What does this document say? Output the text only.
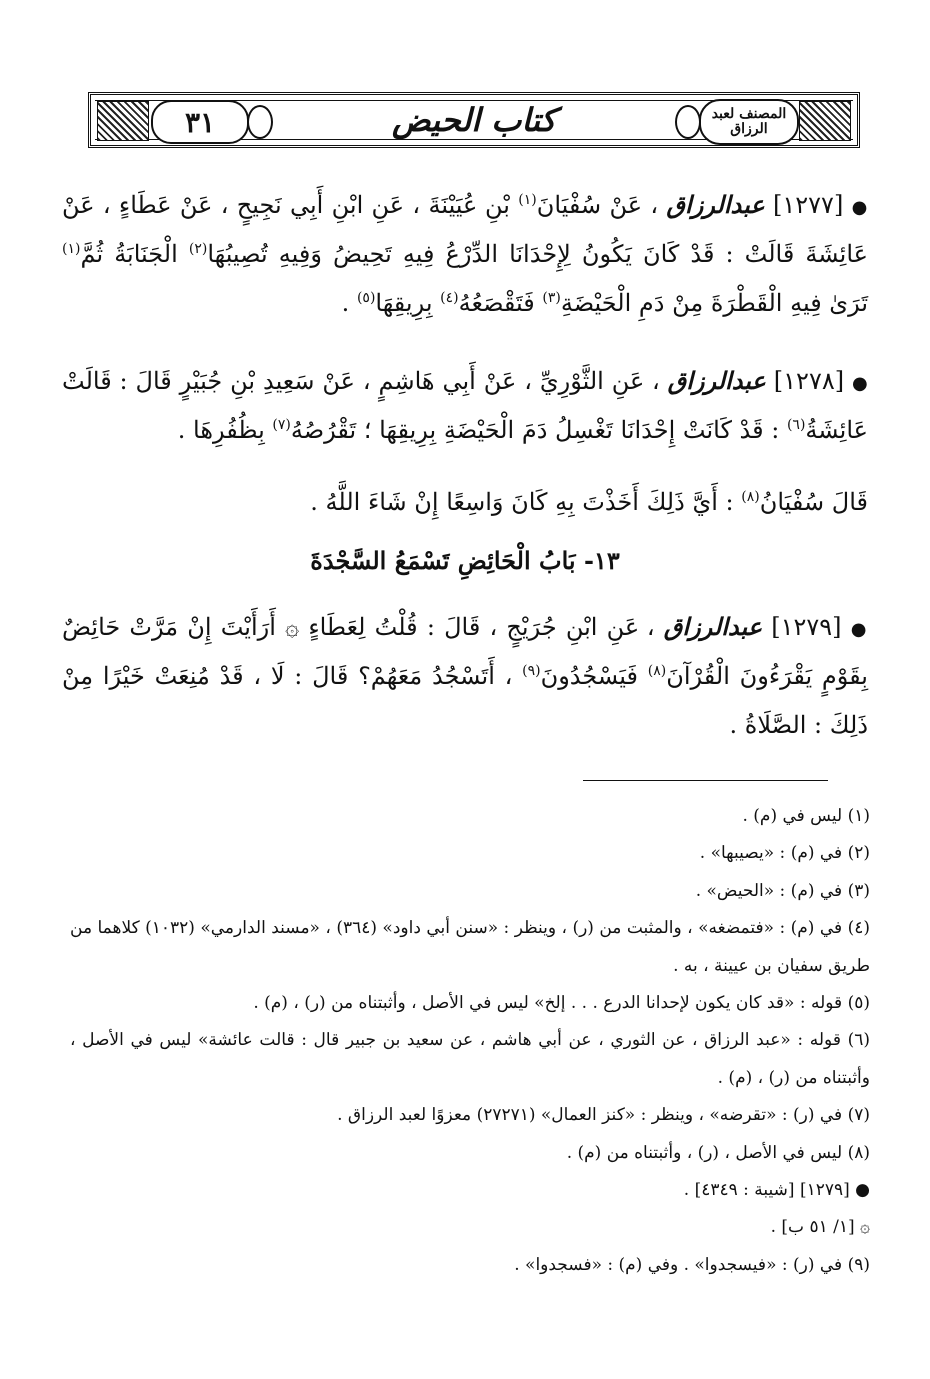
٣١	كتاب الحيض	المصنف لعبد الرزاق
● [١٢٧٧] عبدالرزاق ، عَنْ سُفْيَانَ$^{(١)}$ بْنِ عُيَيْنَةَ ، عَنِ ابْنِ أَبِي نَجِيحٍ ، عَنْ عَطَاءٍ ، عَنْ عَائِشَةَ قَالَتْ : قَدْ كَانَ يَكُونُ لِإِحْدَانَا الدِّرْعُ فِيهِ تَحِيضُ وَفِيهِ تُصِيبُهَا$^{(٢)}$ الْجَنَابَةُ ثُمَّ$^{(١)}$ تَرَىٰ فِيهِ الْقَطْرَةَ مِنْ دَمِ الْحَيْضَةِ$^{(٣)}$ فَتَقْصَعُهُ$^{(٤)}$ بِرِيقِهَا$^{(٥)}$ .
● [١٢٧٨] عبدالرزاق ، عَنِ الثَّوْرِيِّ ، عَنْ أَبِي هَاشِمٍ ، عَنْ سَعِيدِ بْنِ جُبَيْرٍ قَالَ : قَالَتْ عَائِشَةُ$^{(٦)}$ : قَدْ كَانَتْ إِحْدَانَا تَغْسِلُ دَمَ الْحَيْضَةِ بِرِيقِهَا ؛ تَقْرُصُهُ$^{(٧)}$ بِظُفُرِهَا .
قَالَ سُفْيَانُ$^{(٨)}$ : أَيَّ ذَلِكَ أَخَذْتَ بِهِ كَانَ وَاسِعًا إِنْ شَاءَ اللَّهُ .
١٣- بَابُ الْحَائِضِ تَسْمَعُ السَّجْدَةَ
● [١٢٧٩] عبدالرزاق ، عَنِ ابْنِ جُرَيْجٍ ، قَالَ : قُلْتُ لِعَطَاءٍ ۞ أَرَأَيْتَ إِنْ مَرَّتْ حَائِضٌ بِقَوْمٍ يَقْرَءُونَ الْقُرْآنَ$^{(٨)}$ فَيَسْجُدُونَ$^{(٩)}$ ، أَتَسْجُدُ مَعَهُمْ؟ قَالَ : لَا ، قَدْ مُنِعَتْ خَيْرًا مِنْ ذَلِكَ : الصَّلَاةُ .
(١) ليس في (م) .
(٢) في (م) : «يصيبها» .
(٣) في (م) : «الحيض» .
(٤) في (م) : «فتمضغه» ، والمثبت من (ر) ، وينظر : «سنن أبي داود» (٣٦٤) ، «مسند الدارمي» (١٠٣٢) كلاهما من طريق سفيان بن عيينة ، به .
(٥) قوله : «قد كان يكون لإحدانا الدرع . . . إلخ» ليس في الأصل ، وأثبتناه من (ر) ، (م) .
(٦) قوله : «عبد الرزاق ، عن الثوري ، عن أبي هاشم ، عن سعيد بن جبير قال : قالت عائشة» ليس في الأصل ، وأثبتناه من (ر) ، (م) .
(٧) في (ر) : «تقرضه» ، وينظر : «كنز العمال» (٢٧٢٧١) معزوًا لعبد الرزاق .
(٨) ليس في الأصل ، (ر) ، وأثبتناه من (م) .
● [١٢٧٩] [شيبة : ٤٣٤٩] .
۞ [١/ ٥١ ب] .
(٩) في (ر) : «فيسجدوا» . وفي (م) : «فسجدوا» .
